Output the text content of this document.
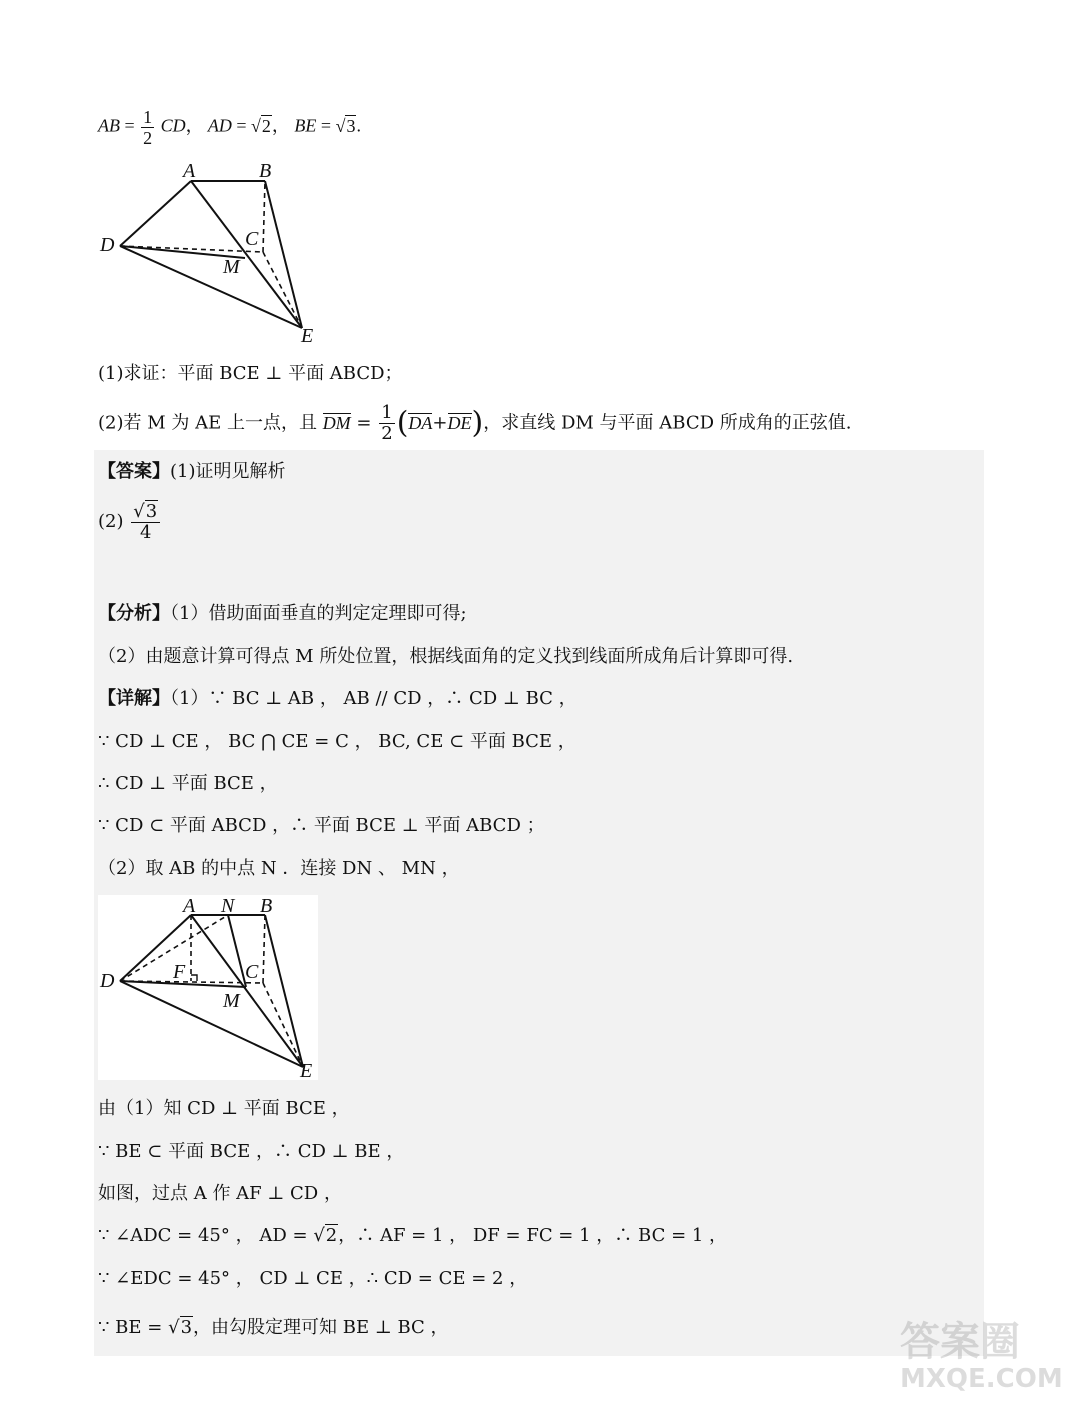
AB = $\frac{1}{2}$ CD， AD = √2， BE = √3.
A	B
C
D
M
E
(1)求证：平面 BCE ⊥ 平面 ABCD；
(2)若 M 为 AE 上一点，且 DM = $\frac{1}{2} (DA+DE)$，求直线 DM 与平面 ABCD 所成角的正弦值.
【答案】(1)证明见解析
$(2) \frac{√3}{4}$
【分析】（1）借助面面垂直的判定定理即可得;
（2）由题意计算可得点 M 所处位置，根据线面角的定义找到线面所成角后计算即可得.
【详解】（1）∵ BC ⊥ AB ， AB // CD ，∴ CD ⊥ BC ，
∵ CD ⊥ CE ， BC ⋂ CE = C ， BC, CE ⊂ 平面 BCE ，
∴ CD ⊥ 平面 BCE ，
∵ CD ⊂ 平面 ABCD ，∴ 平面 BCE ⊥ 平面 ABCD ；
（2）取 AB 的中点 N ．连接 DN 、 MN ，
A N B
F	C
D
M
E
由（1）知 CD ⊥ 平面 BCE ，
∵ BE ⊂ 平面 BCE ，∴ CD ⊥ BE ，
如图，过点 A 作 AF ⊥ CD ，
∵ ∠ADC = 45° ， AD = √2，∴ AF = 1 ， DF = FC = 1 ，∴ BC = 1 ，
∵ ∠EDC = 45° ， CD ⊥ CE ，∴ CD = CE = 2 ，
∵ BE = √3，由勾股定理可知 BE ⊥ BC ，	答案圈
MXQE.COM
